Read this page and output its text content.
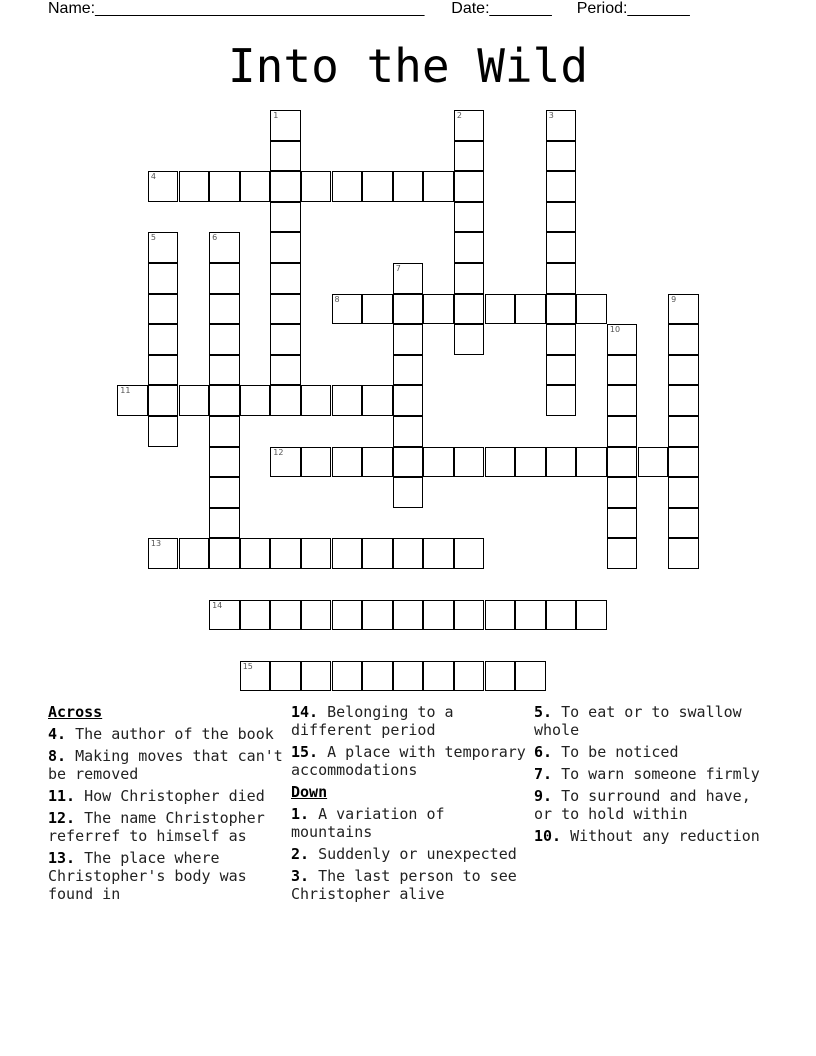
Name:_____________________________________ Date:_______ Period:_______
Into the Wild
1	2	3
4
5	6
7
8	9
10
11
12
13
14
15
Across
4. The author of the book
8. Making moves that can't be removed
11. How Christopher died
12. The name Christopher referref to himself as
13. The place where Christopher's body was found in
14. Belonging to a different period
15. A place with temporary accommodations
Down
1. A variation of mountains
2. Suddenly or unexpected
3. The last person to see Christopher alive
5. To eat or to swallow whole
6. To be noticed
7. To warn someone firmly
9. To surround and have, or to hold within
10. Without any reduction
